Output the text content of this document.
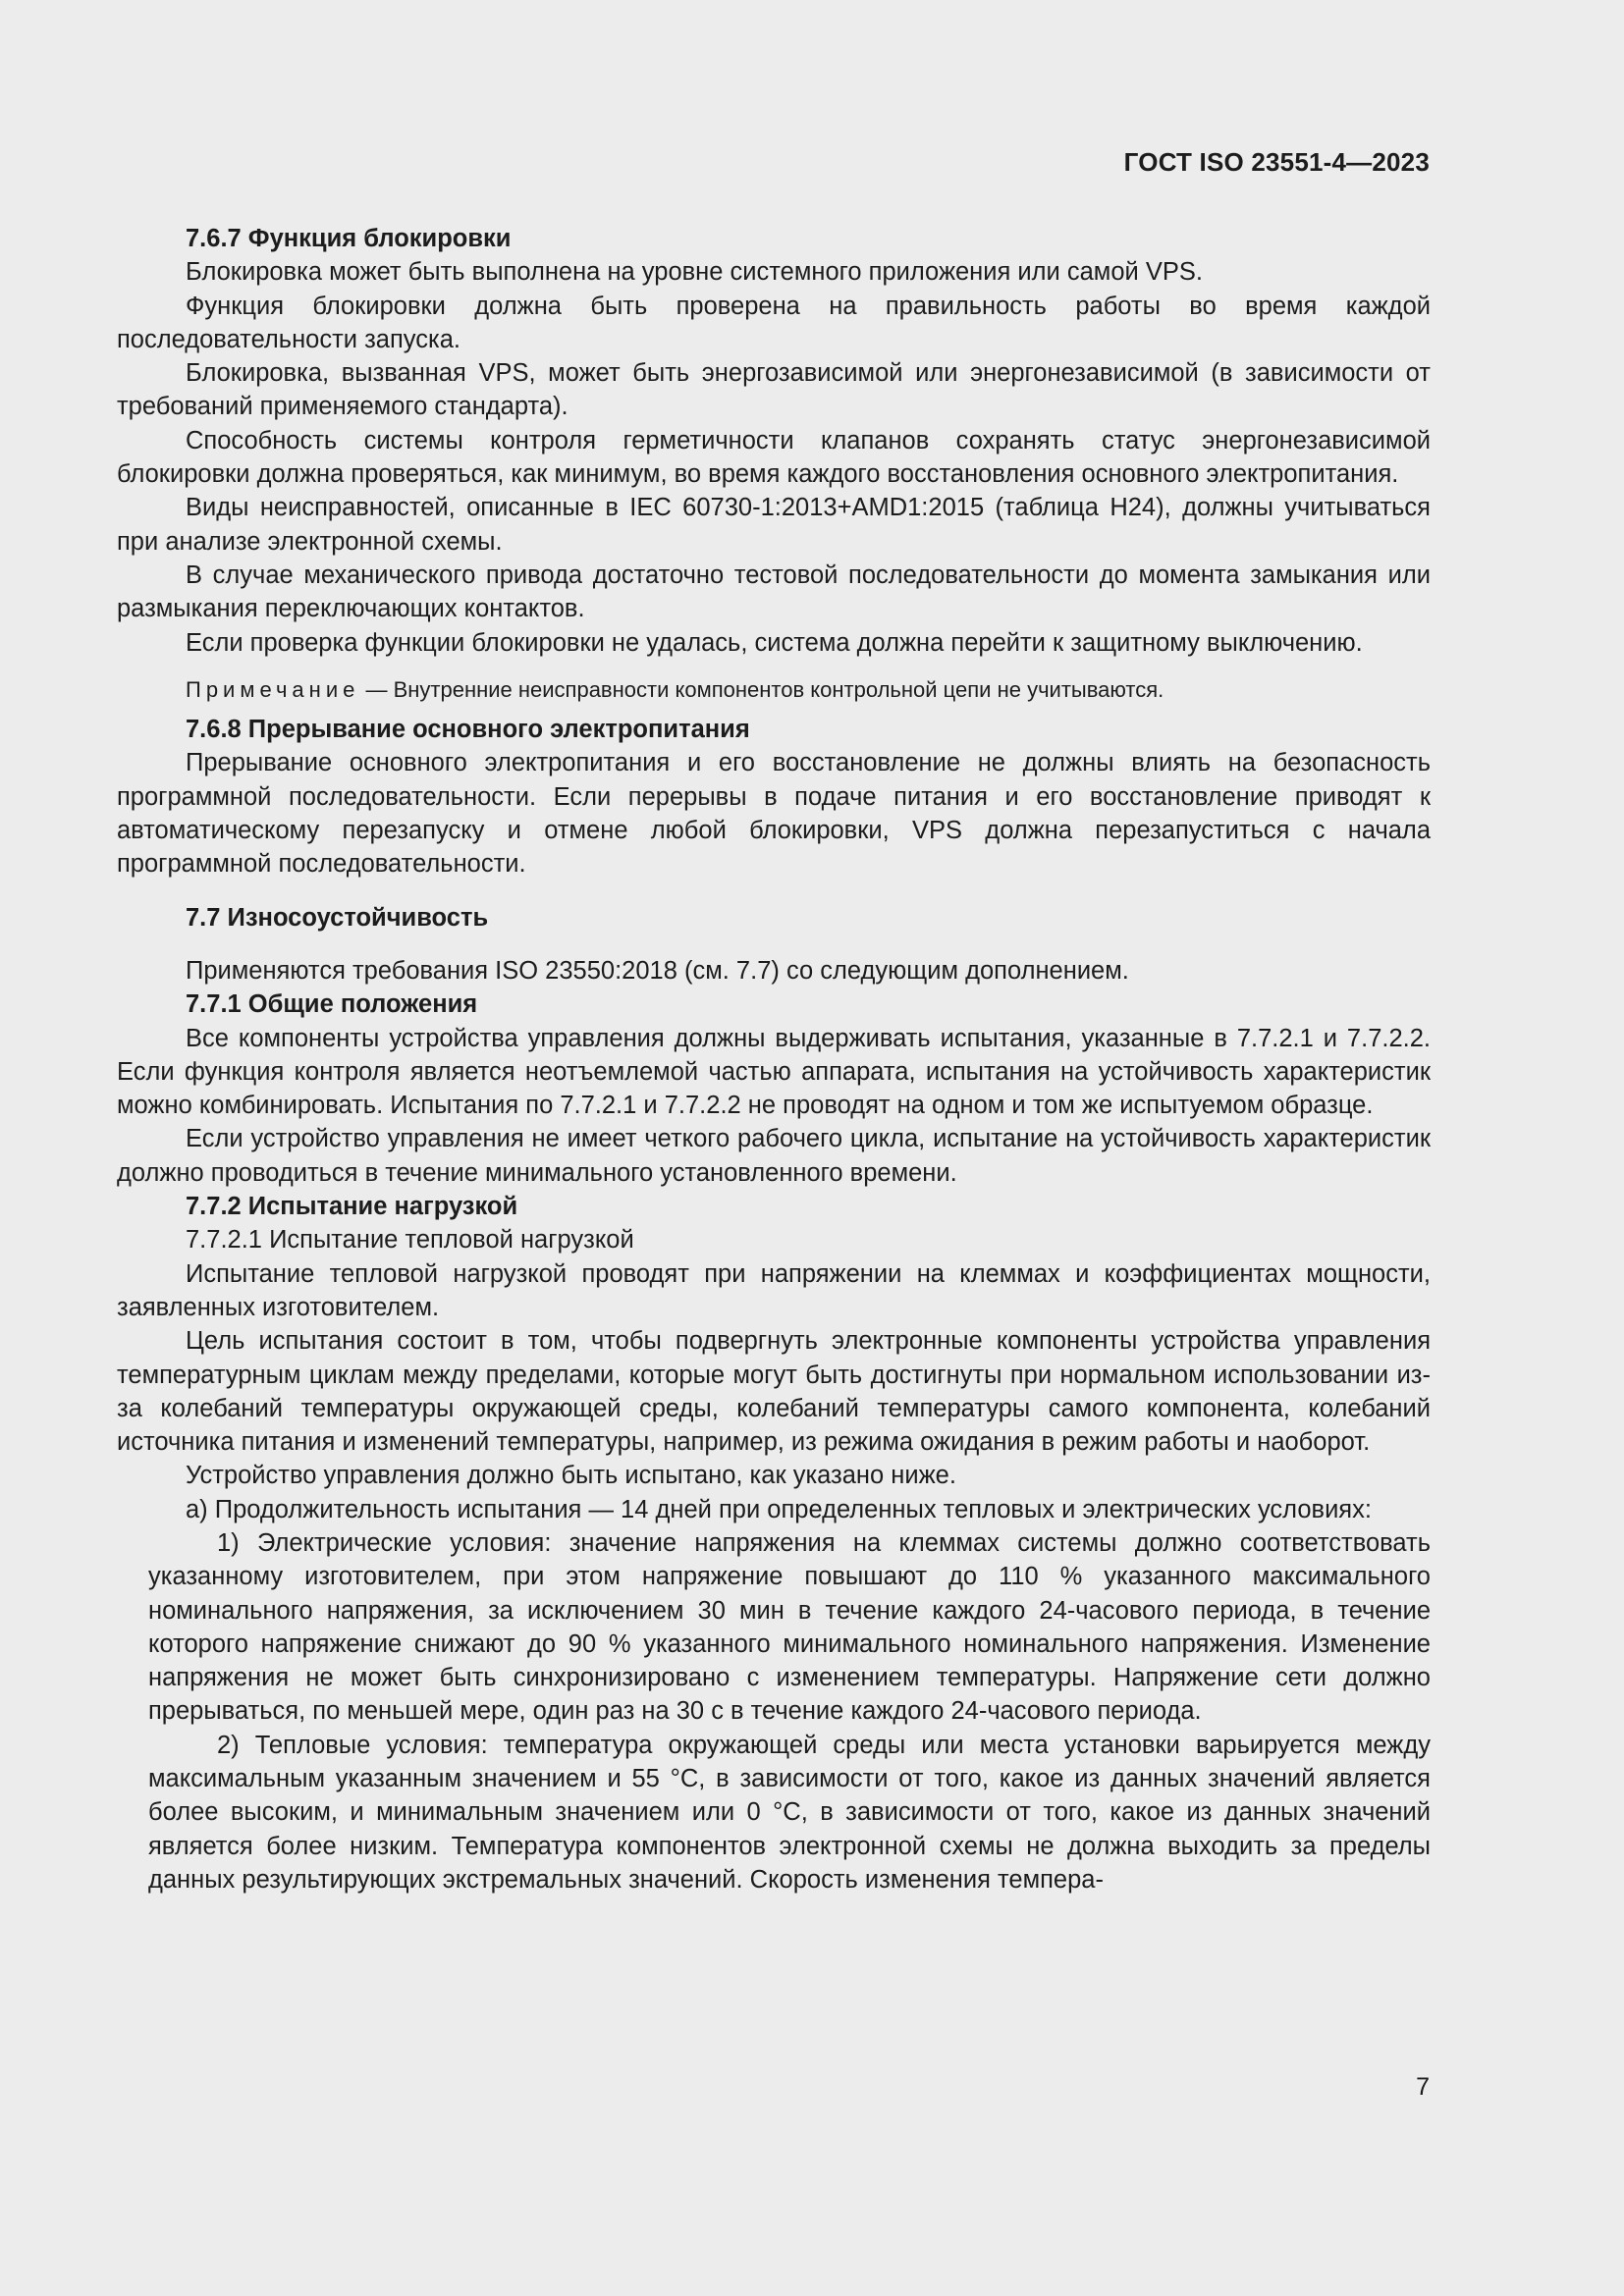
ГОСТ ISO 23551-4—2023

7.6.7 Функция блокировки

Блокировка может быть выполнена на уровне системного приложения или самой VPS.

Функция блокировки должна быть проверена на правильность работы во время каждой последовательности запуска.

Блокировка, вызванная VPS, может быть энергозависимой или энергонезависимой (в зависимости от требований применяемого стандарта).

Способность системы контроля герметичности клапанов сохранять статус энергонезависимой блокировки должна проверяться, как минимум, во время каждого восстановления основного электропитания.

Виды неисправностей, описанные в IEC 60730-1:2013+AMD1:2015 (таблица H24), должны учитываться при анализе электронной схемы.

В случае механического привода достаточно тестовой последовательности до момента замыкания или размыкания переключающих контактов.

Если проверка функции блокировки не удалась, система должна перейти к защитному выключению.

Примечание — Внутренние неисправности компонентов контрольной цепи не учитываются.

7.6.8 Прерывание основного электропитания

Прерывание основного электропитания и его восстановление не должны влиять на безопасность программной последовательности. Если перерывы в подаче питания и его восстановление приводят к автоматическому перезапуску и отмене любой блокировки, VPS должна перезапуститься с начала программной последовательности.

7.7 Износоустойчивость

Применяются требования ISO 23550:2018 (см. 7.7) со следующим дополнением.

7.7.1 Общие положения

Все компоненты устройства управления должны выдерживать испытания, указанные в 7.7.2.1 и 7.7.2.2. Если функция контроля является неотъемлемой частью аппарата, испытания на устойчивость характеристик можно комбинировать. Испытания по 7.7.2.1 и 7.7.2.2 не проводят на одном и том же испытуемом образце.

Если устройство управления не имеет четкого рабочего цикла, испытание на устойчивость характеристик должно проводиться в течение минимального установленного времени.

7.7.2 Испытание нагрузкой

7.7.2.1 Испытание тепловой нагрузкой

Испытание тепловой нагрузкой проводят при напряжении на клеммах и коэффициентах мощности, заявленных изготовителем.

Цель испытания состоит в том, чтобы подвергнуть электронные компоненты устройства управления температурным циклам между пределами, которые могут быть достигнуты при нормальном использовании из-за колебаний температуры окружающей среды, колебаний температуры самого компонента, колебаний источника питания и изменений температуры, например, из режима ожидания в режим работы и наоборот.

Устройство управления должно быть испытано, как указано ниже.

а) Продолжительность испытания — 14 дней при определенных тепловых и электрических условиях:

1) Электрические условия: значение напряжения на клеммах системы должно соответствовать указанному изготовителем, при этом напряжение повышают до 110 % указанного максимального номинального напряжения, за исключением 30 мин в течение каждого 24-часового периода, в течение которого напряжение снижают до 90 % указанного минимального номинального напряжения. Изменение напряжения не может быть синхронизировано с изменением температуры. Напряжение сети должно прерываться, по меньшей мере, один раз на 30 с в течение каждого 24-часового периода.

2) Тепловые условия: температура окружающей среды или места установки варьируется между максимальным указанным значением и 55 °С, в зависимости от того, какое из данных значений является более высоким, и минимальным значением или 0 °С, в зависимости от того, какое из данных значений является более низким. Температура компонентов электронной схемы не должна выходить за пределы данных результирующих экстремальных значений. Скорость изменения темпера-

7
